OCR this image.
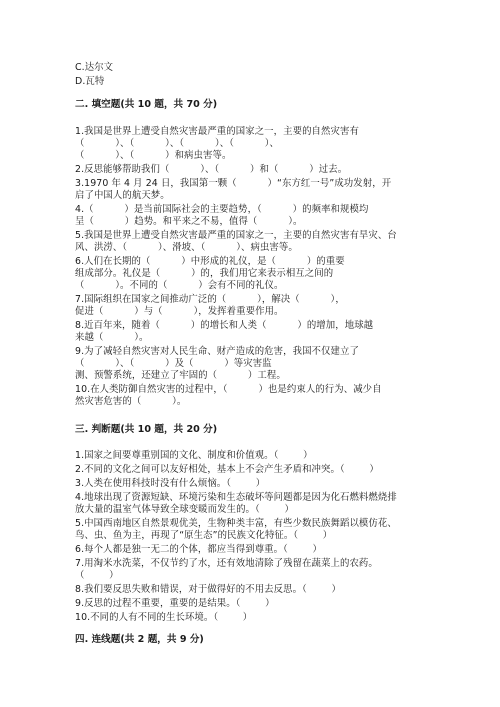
C.达尔文
D.瓦特
二. 填空题(共 10 题，共 70 分)
1.我国是世界上遭受自然灾害最严重的国家之一，主要的自然灾害有
（          ）、（          ）、（          ）、（          ）、
（          ）、（          ）和病虫害等。
2.反思能够帮助我们（          ）、（          ）和（          ）过去。
3.1970 年 4 月 24 日，我国第一颗（          ）“东方红一号”成功发射，开
启了中国人的航天梦。
4.（          ）是当前国际社会的主要趋势，（          ）的频率和规模均
呈（          ）趋势。和平来之不易，值得（          ）。
5.我国是世界上遭受自然灾害最严重的国家之一，主要的自然灾害有旱灾、台
风、洪涝、（          ）、滑坡、（          ）、病虫害等。
6.人们在长期的（          ）中形成的礼仪，是（          ）的重要
组成部分。礼仪是（          ）的，我们用它来表示相互之间的
（          ）。不同的（          ）会有不同的礼仪。
7.国际组织在国家之间推动广泛的（          ），解决（          ），
促进（          ）与（          ），发挥着重要作用。
8.近百年来，随着（          ）的增长和人类（          ）的增加，地球越
来越（          ）。
9.为了减轻自然灾害对人民生命、财产造成的危害，我国不仅建立了
（          ）、（          ）及（          ）等灾害监
测、预警系统，还建立了牢固的（          ）工程。
10.在人类防御自然灾害的过程中，（          ）也是约束人的行为、减少自
然灾害危害的（          ）。
三. 判断题(共 10 题，共 20 分)
1.国家之间要尊重别国的文化、制度和价值观。（        ）
2.不同的文化之间可以友好相处，基本上不会产生矛盾和冲突。（        ）
3.人类在使用科技时没有什么烦恼。（        ）
4.地球出现了资源短缺、环境污染和生态破坏等问题都是因为化石燃料燃烧排
放大量的温室气体导致全球变暖而发生的。（        ）
5.中国西南地区自然景观优美，生物种类丰富，有些少数民族舞蹈以模仿花、
鸟、虫、鱼为主，再现了“原生态”的民族文化特征。（        ）
6.每个人都是独一无二的个体，都应当得到尊重。（        ）
7.用淘米水洗菜，不仅节约了水，还有效地清除了残留在蔬菜上的农药。
（        ）
8.我们要反思失败和错误，对于做得好的不用去反思。（        ）
9.反思的过程不重要，重要的是结果。（        ）
10.不同的人有不同的生长环境。（        ）
四. 连线题(共 2 题，共 9 分)
